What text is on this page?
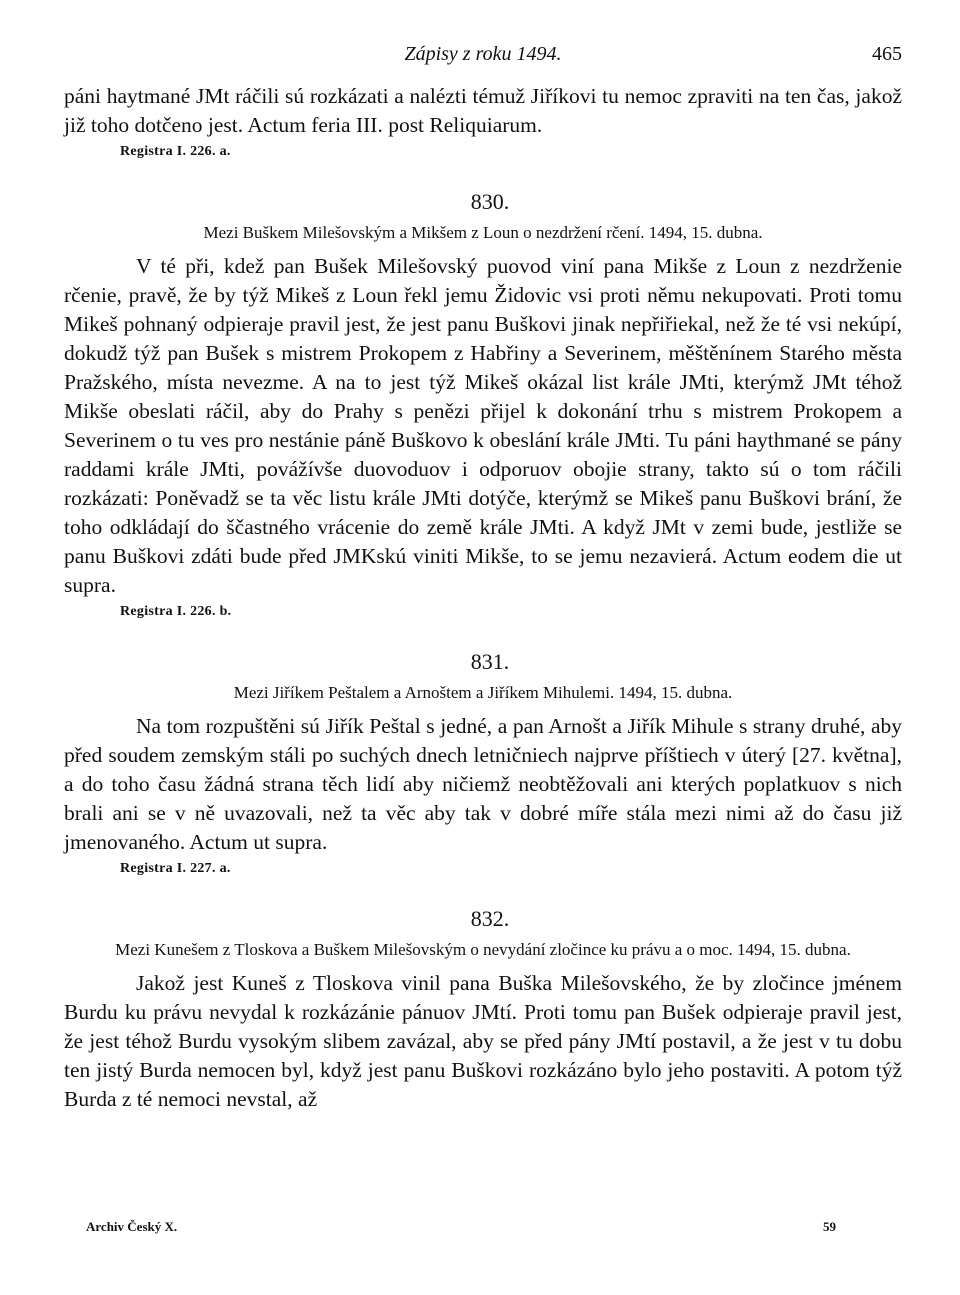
Zápisy z roku 1494.	465

páni haytmané JMt ráčili sú rozkázati a nalézti témuž Jiříkovi tu nemoc zpraviti na ten čas, jakož již toho dotčeno jest. Actum feria III. post Reliquiarum.

Registra I. 226. a.
830.
Mezi Buškem Milešovským a Mikšem z Loun o nezdržení rčení. 1494, 15. dubna.

V té při, kdež pan Bušek Milešovský puovod viní pana Mikše z Loun z nezdrženie rčenie, pravě, že by týž Mikeš z Loun řekl jemu Židovic vsi proti němu nekupovati. Proti tomu Mikeš pohnaný odpieraje pravil jest, že jest panu Buškovi jinak nepřiřiekal, než že té vsi nekúpí, dokudž týž pan Bušek s mistrem Prokopem z Habřiny a Severinem, měštěnínem Starého města Pražského, místa nevezme. A na to jest týž Mikeš okázal list krále JMti, kterýmž JMt téhož Mikše obeslati ráčil, aby do Prahy s penězi přijel k dokonání trhu s mistrem Prokopem a Severinem o tu ves pro nestánie páně Buškovo k obeslání krále JMti. Tu páni haythmané se pány raddami krále JMti, povážívše duovoduov i odporuov obojie strany, takto sú o tom ráčili rozkázati: Poněvadž se ta věc listu krále JMti dotýče, kterýmž se Mikeš panu Buškovi brání, že toho odkládají do ščastného vrácenie do země krále JMti. A když JMt v zemi bude, jestliže se panu Buškovi zdáti bude před JMKskú viniti Mikše, to se jemu nezavierá. Actum eodem die ut supra.

Registra I. 226. b.
831.
Mezi Jiříkem Peštalem a Arnoštem a Jiříkem Mihulemi. 1494, 15. dubna.

Na tom rozpuštěni sú Jiřík Peštal s jedné, a pan Arnošt a Jiřík Mihule s strany druhé, aby před soudem zemským stáli po suchých dnech letničniech najprve příštiech v úterý [27. května], a do toho času žádná strana těch lidí aby ničiemž neobtěžovali ani kterých poplatkuov s nich brali ani se v ně uvazovali, než ta věc aby tak v dobré míře stála mezi nimi až do času již jmenovaného. Actum ut supra.

Registra I. 227. a.
832.
Mezi Kunešem z Tloskova a Buškem Milešovským o nevydání zločince ku právu a o moc. 1494, 15. dubna.

Jakož jest Kuneš z Tloskova vinil pana Buška Milešovského, že by zločince jménem Burdu ku právu nevydal k rozkázánie pánuov JMtí. Proti tomu pan Bušek odpieraje pravil jest, že jest téhož Burdu vysokým slibem zavázal, aby se před pány JMtí postavil, a že jest v tu dobu ten jistý Burda nemocen byl, když jest panu Buškovi rozkázáno bylo jeho postaviti. A potom týž Burda z té nemoci nevstal, až

Archiv Český X.	59
